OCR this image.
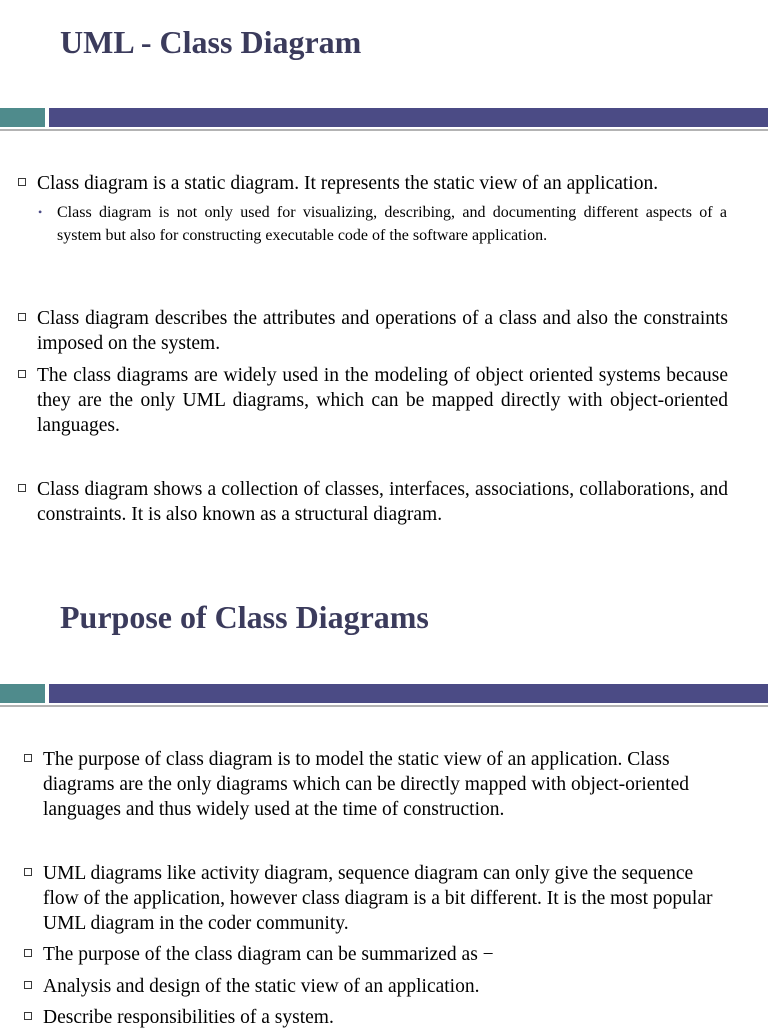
UML - Class Diagram

Class diagram is a static diagram. It represents the static view of an application.

• Class diagram is not only used for visualizing, describing, and documenting different aspects of a system but also for constructing executable code of the software application.

Class diagram describes the attributes and operations of a class and also the constraints imposed on the system.

The class diagrams are widely used in the modeling of object oriented systems because they are the only UML diagrams, which can be mapped directly with object-oriented languages.

Class diagram shows a collection of classes, interfaces, associations, collaborations, and constraints. It is also known as a structural diagram.

Purpose of Class Diagrams

The purpose of class diagram is to model the static view of an application. Class diagrams are the only diagrams which can be directly mapped with object-oriented languages and thus widely used at the time of construction.

UML diagrams like activity diagram, sequence diagram can only give the sequence flow of the application, however class diagram is a bit different. It is the most popular UML diagram in the coder community.

The purpose of the class diagram can be summarized as −

Analysis and design of the static view of an application.

Describe responsibilities of a system.
